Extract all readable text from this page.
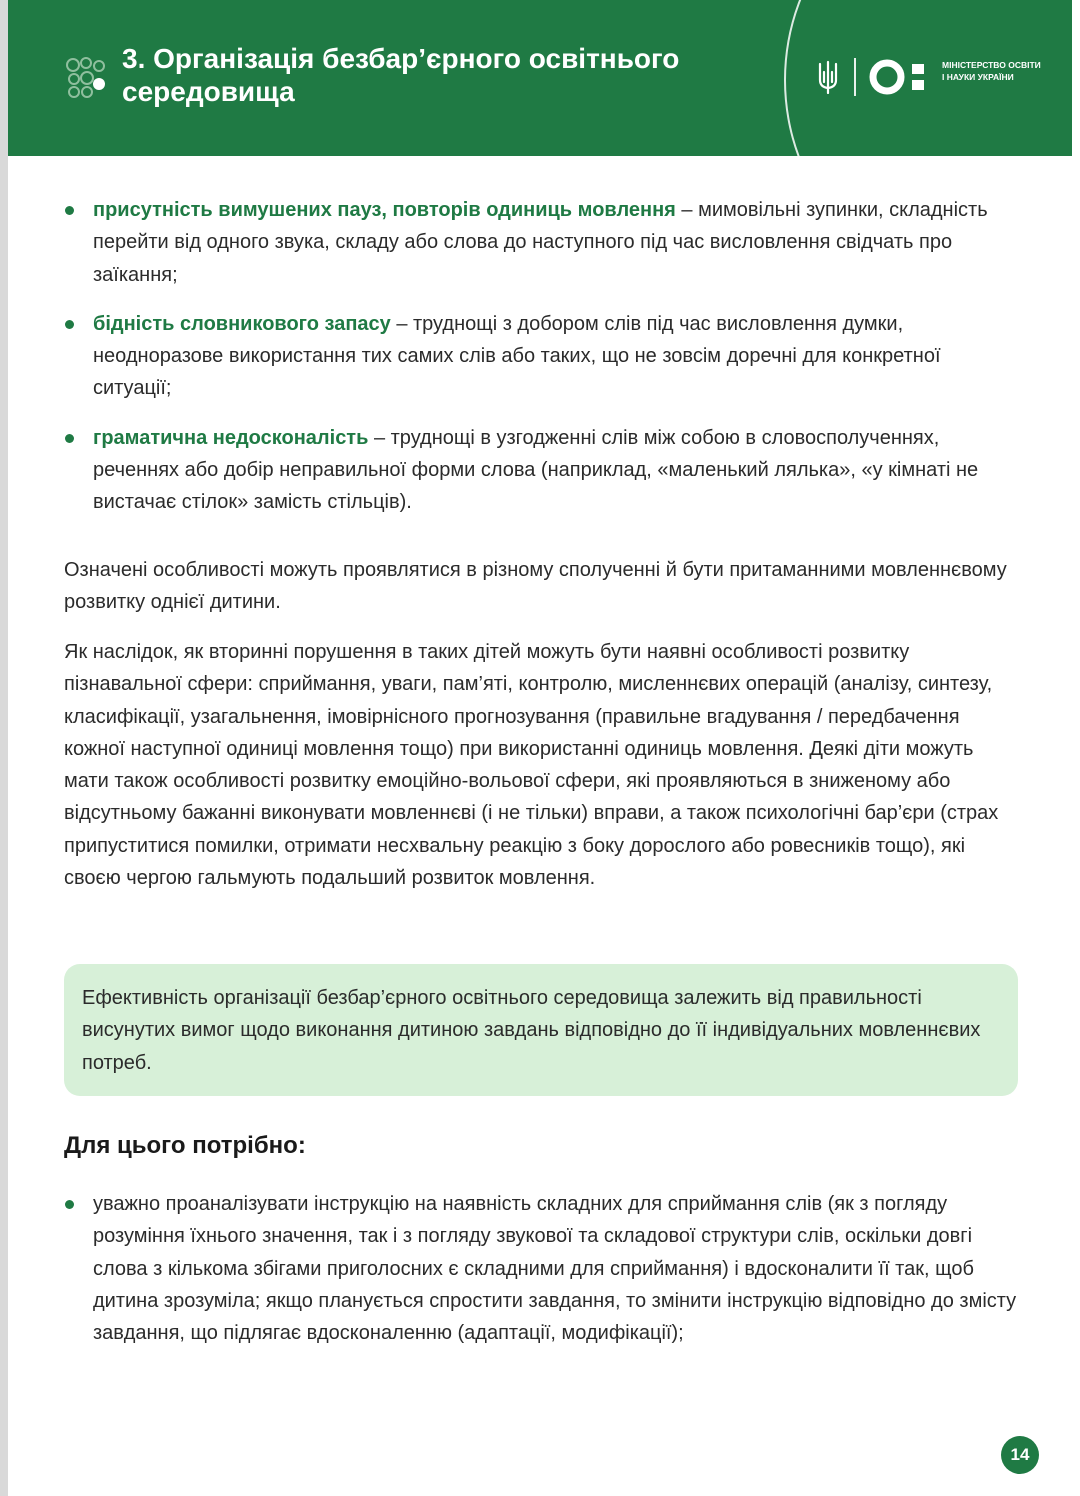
3. Організація безбар’єрного освітнього середовища
МІНІСТЕРСТВО ОСВІТИ І НАУКИ УКРАЇНИ
присутність вимушених пауз, повторів одиниць мовлення – мимовільні зупинки, складність перейти від одного звука, складу або слова до наступного під час висловлення свідчать про заїкання;
бідність словникового запасу – труднощі з добором слів під час висловлення думки, неодноразове використання тих самих слів або таких, що не зовсім доречні для конкретної ситуації;
граматична недосконалість – труднощі в узгодженні слів між собою в словосполученнях, реченнях або добір неправильної форми слова (наприклад, «маленький лялька», «у кімнаті не вистачає стілок» замість стільців).

Означені особливості можуть проявлятися в різному сполученні й бути притаманними мовленнєвому розвитку однієї дитини.

Як наслідок, як вторинні порушення в таких дітей можуть бути наявні особливості розвитку пізнавальної сфери: сприймання, уваги, пам’яті, контролю, мисленнєвих операцій (аналізу, синтезу, класифікації, узагальнення, імовірнісного прогнозування (правильне вгадування / передбачення кожної наступної одиниці мовлення тощо) при використанні одиниць мовлення. Деякі діти можуть мати також особливості розвитку емоційно-вольової сфери, які проявляються в зниженому або відсутньому бажанні виконувати мовленнєві (і не тільки) вправи, а також психологічні бар’єри (страх припуститися помилки, отримати несхвальну реакцію з боку дорослого або ровесників тощо), які своєю чергою гальмують подальший розвиток мовлення.

Ефективність організації безбар’єрного освітнього середовища залежить від правильності висунутих вимог щодо виконання дитиною завдань відповідно до її індивідуальних мовленнєвих потреб.

Для цього потрібно:
уважно проаналізувати інструкцію на наявність складних для сприймання слів (як з погляду розуміння їхнього значення, так і з погляду звукової та складової структури слів, оскільки довгі слова з кількома збігами приголосних є складними для сприймання) і вдосконалити її так, щоб дитина зрозуміла; якщо планується спростити завдання, то змінити інструкцію відповідно до змісту завдання, що підлягає вдосконаленню (адаптації, модифікації);
14
